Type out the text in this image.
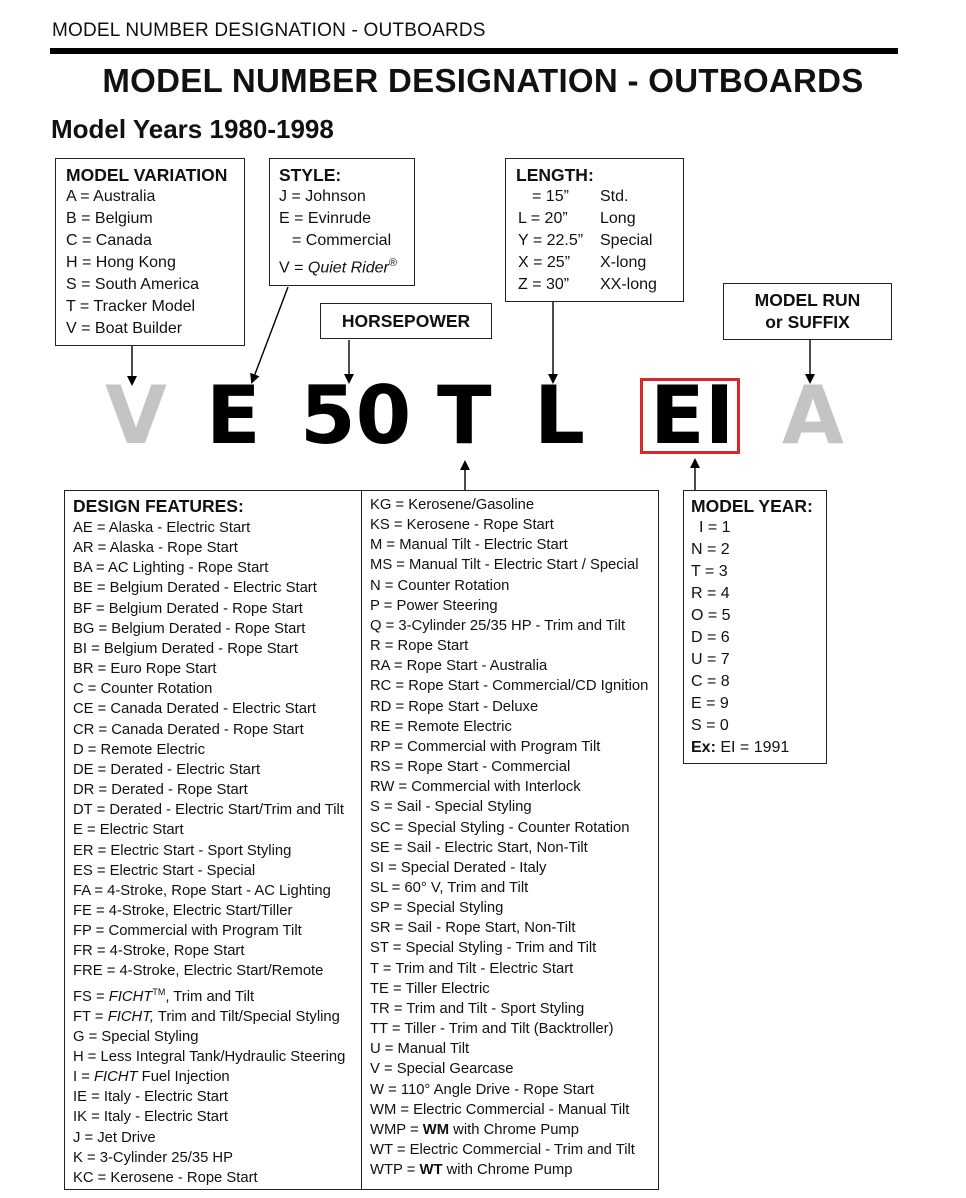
MODEL NUMBER DESIGNATION - OUTBOARDS
MODEL NUMBER DESIGNATION - OUTBOARDS
Model Years 1980-1998
MODEL VARIATION
A = Australia
B = Belgium
C = Canada
H = Hong Kong
S = South America
T = Tracker Model
V = Boat Builder
STYLE:
J = Johnson
E = Evinrude
= Commercial
V = Quiet Rider®
HORSEPOWER
LENGTH:
= 15”	Std.
L = 20”	Long
Y = 22.5”	Special
X = 25”	X-long
Z = 30”	XX-long
MODEL RUN
or SUFFIX
V E 50 T L EI A
DESIGN FEATURES:
AE = Alaska - Electric Start
AR = Alaska - Rope Start
BA = AC Lighting - Rope Start
BE = Belgium Derated - Electric Start
BF = Belgium Derated - Rope Start
BG = Belgium Derated - Rope Start
BI = Belgium Derated - Rope Start
BR = Euro Rope Start
C = Counter Rotation
CE = Canada Derated - Electric Start
CR = Canada Derated - Rope Start
D = Remote Electric
DE = Derated - Electric Start
DR = Derated - Rope Start
DT = Derated - Electric Start/Trim and Tilt
E = Electric Start
ER = Electric Start - Sport Styling
ES = Electric Start - Special
FA = 4-Stroke, Rope Start - AC Lighting
FE = 4-Stroke, Electric Start/Tiller
FP = Commercial with Program Tilt
FR = 4-Stroke, Rope Start
FRE = 4-Stroke, Electric Start/Remote
FS = FICHT™, Trim and Tilt
FT = FICHT, Trim and Tilt/Special Styling
G = Special Styling
H = Less Integral Tank/Hydraulic Steering
I = FICHT Fuel Injection
IE = Italy - Electric Start
IK = Italy - Electric Start
J = Jet Drive
K = 3-Cylinder 25/35 HP
KC = Kerosene - Rope Start
KG = Kerosene/Gasoline
KS = Kerosene - Rope Start
M = Manual Tilt - Electric Start
MS = Manual Tilt - Electric Start / Special
N = Counter Rotation
P = Power Steering
Q = 3-Cylinder 25/35 HP - Trim and Tilt
R = Rope Start
RA = Rope Start - Australia
RC = Rope Start - Commercial/CD Ignition
RD = Rope Start - Deluxe
RE = Remote Electric
RP = Commercial with Program Tilt
RS = Rope Start - Commercial
RW = Commercial with Interlock
S = Sail - Special Styling
SC = Special Styling - Counter Rotation
SE = Sail - Electric Start, Non-Tilt
SI = Special Derated - Italy
SL = 60° V, Trim and Tilt
SP = Special Styling
SR = Sail - Rope Start, Non-Tilt
ST = Special Styling - Trim and Tilt
T = Trim and Tilt - Electric Start
TE = Tiller Electric
TR = Trim and Tilt - Sport Styling
TT = Tiller - Trim and Tilt (Backtroller)
U = Manual Tilt
V = Special Gearcase
W = 110° Angle Drive - Rope Start
WM = Electric Commercial - Manual Tilt
WMP = WM with Chrome Pump
WT = Electric Commercial - Trim and Tilt
WTP = WT with Chrome Pump
MODEL YEAR:
I = 1
N = 2
T = 3
R = 4
O = 5
D = 6
U = 7
C = 8
E = 9
S = 0
Ex: EI = 1991
